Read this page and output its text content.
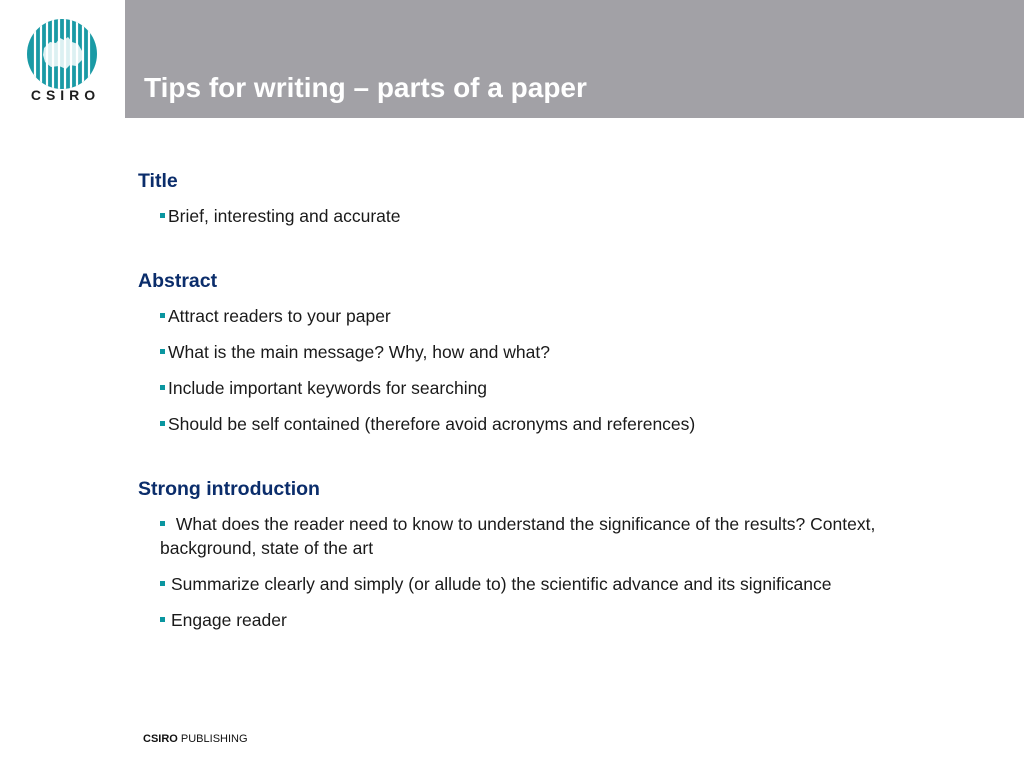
CSIRO	Tips for writing – parts of a paper
Title
Brief, interesting and accurate
Abstract
Attract readers to your paper
What is the main message? Why, how and what?
Include important keywords for searching
Should be self contained (therefore avoid acronyms and references)
Strong introduction
What does the reader need to know to understand the significance of the results? Context, background, state of the art
Summarize clearly and simply (or allude to) the scientific advance and its significance
Engage reader
CSIRO PUBLISHING
